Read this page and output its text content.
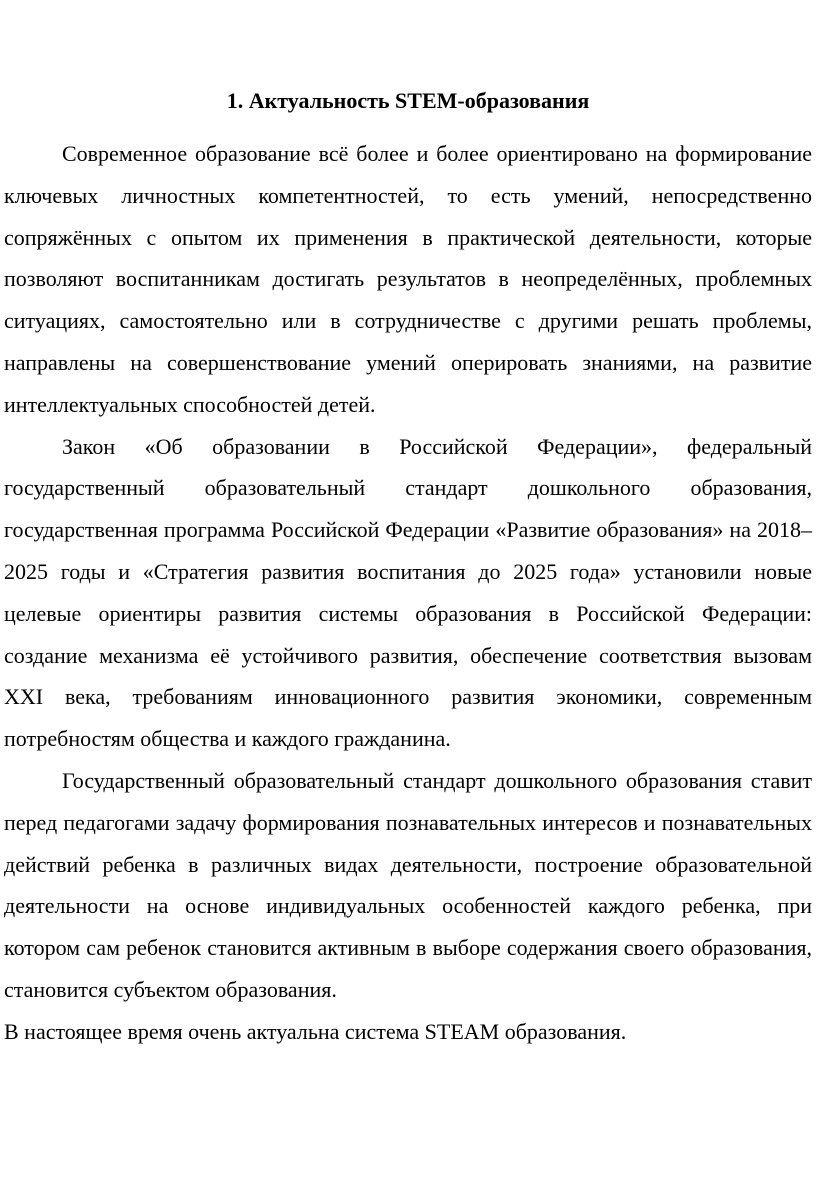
1. Актуальность STEM-образования

Современное образование всё более и более ориентировано на формирование ключевых личностных компетентностей, то есть умений, непосредственно сопряжённых с опытом их применения в практической деятельности, которые позволяют воспитанникам достигать результатов в неопределённых, проблемных ситуациях, самостоятельно или в сотрудничестве с другими решать проблемы, направлены на совершенствование умений оперировать знаниями, на развитие интеллектуальных способностей детей.

Закон «Об образовании в Российской Федерации», федеральный государственный образовательный стандарт дошкольного образования, государственная программа Российской Федерации «Развитие образования» на 2018–2025 годы и «Стратегия развития воспитания до 2025 года» установили новые целевые ориентиры развития системы образования в Российской Федерации: создание механизма её устойчивого развития, обеспечение соответствия вызовам XXI века, требованиям инновационного развития экономики, современным потребностям общества и каждого гражданина.

Государственный образовательный стандарт дошкольного образования ставит перед педагогами задачу формирования познавательных интересов и познавательных действий ребенка в различных видах деятельности, построение образовательной деятельности на основе индивидуальных особенностей каждого ребенка, при котором сам ребенок становится активным в выборе содержания своего образования, становится субъектом образования.

В настоящее время очень актуальна система STEAM образования.
